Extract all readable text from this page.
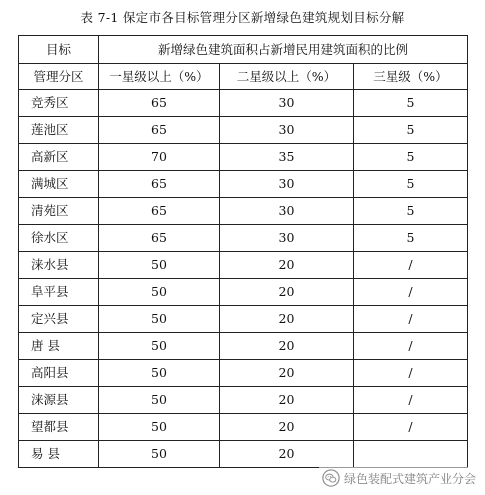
表 7-1 保定市各目标管理分区新增绿色建筑规划目标分解
目标	新增绿色建筑面积占新增民用建筑面积的比例		
管理分区	一星级以上（%）	二星级以上（%）	三星级（%）
竞秀区	65	30	5
莲池区	65	30	5
高新区	70	35	5
满城区	65	30	5
清苑区	65	30	5
徐水区	65	30	5
涞水县	50	20	/
阜平县	50	20	/
定兴县	50	20	/
唐 县	50	20	/
高阳县	50	20	/
涞源县	50	20	/
望都县	50	20	/
易 县	50	20	
绿色装配式建筑产业分会
